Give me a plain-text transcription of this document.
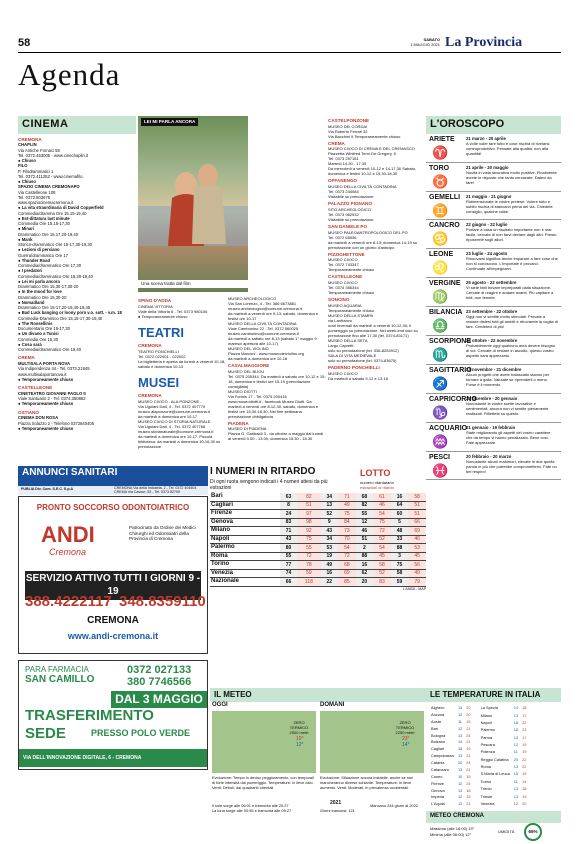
58	SABATO
1 MAGGIO 2021 La Provincia
Agenda
CINEMA
CREMONA
CHAPLIN
Via Antiche Fornaci 58
Tel. 0372.453005 - www.cinechaplin.it
● Chiuso
FILO
P. Filodrammatici 1
Tel. 0372.411252 - www.cinemafilo.
● Chiuso
SPAZIO CINEMA CREMONAPO
Via Castelleone 108
Tel. 0372.803675
www.spaziocinemacremona.it
● La vita straordinaria di David Copperfield
Commedia/dramma Ore 15.15-19,40
● Est-dittatura last minute
Commedia Ore 15.15-17,30
● Minari
Drammatico Ore 15.17,20-19,40
● Mank
Storico-drammatico Ore 15-17,30-19,30
● Lezioni di persiano
Guerra/drammatico Ore 17
● Thunder Road
Commedia/drammatico Ore 17,30
● I predatori
Commedia/drammatico Ore 15,30-19,40
● Lei mi parla ancora
Drammatico Ore 15,30-17,30-20
● In the mood for love
Drammatico Ore 15,30-20
● Nomadland
Drammatico Ore 15-17,20-19,40-19,45
● Bad Luck banging or loony porn v.o. sott. - v.m. 18
Commedia-Drammico Ore 15,15-17,30-19,40
● The Rossellinis
Documentario Ore 15-17,30
● Un divano a Tunisi
Commedia Ore 15,30
● Cosa sarà
Commedia/drammatico Ore 19,40
CREMA
MULTISALA PORTA NOVA
Via Indipendenza 44 - Tel. 0373.21849
www.multisalaportanova.it
● Temporaneamente chiuso
CASTELLEONE
CINETEATRO GIOVANNI PAOLO II
Viale Santuario 2 - Tel. 0374.350862
● Temporaneamente chiuso
OSTIANO
CINEMA DON ROSA
Piazza Solazzo 2 - Telefono 0372840405
● Temporaneamente chiuso
LEI MI PARLA ANCORA
Una scena tratta dal film
SPINO D'ADDA
CINEMA VITTORIA
Viale della Vittoria 6 - Tel. 0373 980106
● Temporaneamente chiuso
TEATRI
CREMONA
TEATRO PONCHIELLI
Tel. 0372.022001 - 022002
La biglietteria è aperta da lunedì a venerdì 10-18, sabato e domenica 10-13
MUSEI
CREMONA
MUSEO CIVICO - ALA PONZONE -
Via Ugolani Dati, 4 - Tel. 0372 407770
museo.alaponzone@comune.cremona.it
da martedì a domenica ore 10-17
MUSEO CIVICO DI STORIA NATURALE
Via Ugolani Dati, 4 - Tel. 0372 407768
museo.storianaturale@comune.cremona.it
da martedì a domenica ore 10-17. Piccola biblioteca: da martedì a domenica 10-16,30 su prenotazione
MUSEO ARCHEOLOGICO
Via San Lorenzo, 4 - Tel. 366 6673881
museo.archeologico@comune.cremona.it
da martedì a venerdì ore 9-13; sabato, domenica e festivi ore 10-17
MUSEO DELLA CIVILTÀ CONTADINA
Viale Cambonino 22 - Tel. 0372 560025
museo.cambonino@comune.cremona.it
da martedì a sabato ore 8-13 (sabato 1° maggio 9 maresci apertura alle 10-17)
MUSEO DEL VIOLINO
Piazza Marconi - www.museodelviolino.org
da martedì a domenica ore 10-18
CASALMAGGIORE
MUSEO DEL BIJOU
Tel. 0375 205344. Da martedì a sabato ore 10-12 e 15-18, domenica e festivi ore 15-19 (prenotazione consigliata)
MUSEO DIOTTI
Via Formis 17 - Tel. 0375 200416
www.museodiotti.it - facebook Museo Diotti. Da martedì a venerdì ore 8-12,30, sabato, domenica e festivi ore 15,30-18,30. Nel fine settimana prenotazione obbligatoria
PIADENA
MUSEO DI PIADENA
Piazza G. Garibaldi 3 - da ottobre a maggio dal lunedì al venerdì 9.00 - 13.00; domenica 15.30 - 18.30
CASTELPONZONE
MUSEO DEI CORDAI
Via Roberto Ferrari 32
Via Bacchini 9 Temporaneamente chiuso
CREMA
MUSEO CIVICO DI CREMA E DEL CREMASCO
Piazzetta Winifred Terni De Gregory, 5
Tel. 0373 257161
Martedì 14.30 - 17.30
Da mercoledì a venerdì 10-12 e 14-17,30 Sabato, domenica e festivi 10-12 e 15,30-18,30
OFFANENGO
MUSEO DELLA CIVILTÀ CONTADINA
Tel. 0373 244084
Visitabile su prenotazione
PALAZZO PIGNANO
SITO ARCHEOLOGICO
Tel. 0373 982932
Visitabile su prenotazione
SAN DANIELE PO
MUSEO PALEOANTROPOLOGICO DEL PO
Tel. 0372 65536
da martedì a venerdì ore 8-13; domenica 14-19 su prenotazione con un giorno d'anticipo
PIZZIGHETTONE
MUSEO CIVICO
Tel. 0372 743347
Temporaneamente chiuso
CASTELLEONE
MUSEO CIVICO
Tel. 0374 356344
Temporaneamente chiuso
SONCINO
MUSEO AQUARIA
Temporaneamente chiuso
MUSEO DELLA STAMPA
via Lanfranco
orari invernali da martedì a venerdì 10-12,30; il pomeriggio su prenotazione. Nel week-end solo su prenotazione fino alle 17,30 (tel. 0374-83171)
MUSEO DELLA SETA
Largo Capretti
solo su prenotazione (tel. 338-8254912)
SALA DI VITA MEDIEVALE
solo su prenotazione (tel. 0374-83675)
PADERNO PONCHIELLI
MUSEO CIVICO
Da martedì a sabato 9-12 e 13-16
L'OROSCOPO
ARIETE
♈
21 marzo - 20 aprile
A volte voler fare tutto e cose rischia di rivelarsi controproduttivo. Pensate alla qualità, non alla quantità!
TORO
♉
21 aprile - 20 maggio
Novità in vista lavorativa molto positive. Finalmente avrete le risposte che tanto cercavate. Datevi da fare!
GEMELLI
♊
21 maggio - 21 giugno
Ridimensionate le vostre pretese. Volere tutto e subito rischia di stancarvi prima del via. Chiedete consiglio, qualche volta!
CANCRO
♋
22 giugno - 22 luglio
Portare a casa un risultato importante non è mai facile, cercate di non farvi deviare dagli altri. Presto riposerete sugli allori.
LEONE
♌
23 luglio - 24 agosto
Rinnovarsi significa anche imparare a fare cose che non si conoscono. L'importate è provarci. Continuate all'impegnarvi.
VERGINE
♍
25 agosto - 22 settembre
Vi siete fatti trovare impreparati dalla situazione. Cercate di reagire e andare avanti. Più capitare a tutti, non temete.
BILANCIA
♎
23 settembre - 22 ottobre
Oggi non vi sentite molto stimolati. Provate a restare distesi tutti gli ambiti e ritrovarete la voglia di fare. Credeteci di più!
SCORPIONE
♏
23 ottobre - 22 novembre
Probabilmente oggi qualcuno avrà dovere bisogno di voi. Cercate di restare in ascolto, questo vostro aspetto sarà apprezzato.
SAGITTARIO
♐
23 novembre - 21 dicembre
Alcuni progetti che avete tralasciato stanno per tornare a galla. Valutate se riprenderli o meno. Forse è il momento.
CAPRICORNO
♑
22 dicembre - 20 gennaio
Nonostante le vostre scelte lavorative e sentimentali, ancora non vi sentite pienamente realizzati. Riflettete su questo.
ACQUARIO
♒
21 gennaio - 19 febbraio
State migliorando gli aspetti del vostro carattere che da tempo vi hanno penalizzato. Bene così. Fate apprezzare.
PESCI
♓
20 febbraio - 20 marzo
Nonostante alcuni malumori, elevate in due quella parola in più che potrebbe compromettervi. Fate un bel respiro!
ANNUNCI SANITARI
PUBLIA Div. Com. S.E.C. S.p.A	CREMONA Via della Industria, 2 - Tel. 0372 404504
CREMA Via Cavour, 53 - Tel. 0373 82709
PRONTO SOCCORSO ODONTOIATRICO
ANDI
Cremona
Patrocinato da Ordine dei Medici Chirurghi ed Odontoiatri della Provincia di Cremona
SERVIZIO ATTIVO TUTTI I GIORNI 9 - 19
388.4222117 348.8359110
CREMONA
www.andi-cremona.it
PARA FARMACIA
SAN CAMILLO
0372 027133
380 7746566
DAL 3 MAGGIO
TRASFERIMENTO
SEDE	PRESSO POLO VERDE
VIA DELL'INNOVAZIONE DIGITALE, 6 - CREMONA
I NUMERI IN RITARDO
Di ogni ruota vengono indicati i 4 numeri attesi da più estrazioni
LOTTO
numero ritardatario
estrazioni di ritardo
Bari	63	82	34	71	68	61	16	58
Cagliari	8	51	13	49	82	46	64	51
Firenze	24	97	52	75	55	54	60	51
Genova	83	98	9	84	12	75	5	66
Milano	71	92	43	73	46	72	48	69
Napoli	43	75	34	70	51	52	33	46
Palermo	80	55	53	54	2	54	88	53
Roma	55	72	19	72	88	45	3	45
Torino	77	78	49	68	16	58	75	56
Venezia	74	59	16	69	62	52	58	49
Nazionale	66	118	22	85	20	83	59	79
L'ANSA - MAP
IL METEO
OGGI	DOMANI
ZERO TERMICO
2500 metri
ZERO TERMICO
2250 metri
19°
12°
23°
14°
Evoluzione: Tempo in deciso peggioramento, con temporali di forte intensità dal pomeriggio. Temperature: in lieve calo. Venti: Deboli, dai quadranti orientali.
Evoluzione: Situazione ancora instabile, anche se non mancheranno diverse schiarite. Temperature: in lieve aumento. Venti: Moderati, in prevalenza occidentali.
Il sole sorge alle 06:01 e tramonta alle 20:27
La luna sorge alle 00:55 e tramonta alle 09:27
2021
Giorni trascorsi: 121
Mancano 244 giorni al 2022
LE TEMPERATURE IN ITALIA
Alghero	14	20
Ancona	12	20
Aosta	11	15
Bari	12	21
Bologna	13	24
Bolzano	14	21
Cagliari	15	19
Campobasso	13	21
Catania	20	24
Catanzaro	13	21
Cuneo	10	15
Firenze	12	24
Genova	13	18
Imperia	12	15
L'Aquila	12	21
La Spezia	14	18
Milano	13	17
Napoli	16	22
Palermo	18	23
Parma	13	17
Pescara	12	19
Potenza	11	19
Reggio Calabria	20	22
Roma	13	22
S.Maria di Leuca	15	19
Torino	11	14
Trento	13	18
Trieste	13	19
Venezia	12	20
METEO CREMONA
Massima (alle 16:00) 19°
Minima (alle 06:00) 12°
UMIDITÀ	65%
